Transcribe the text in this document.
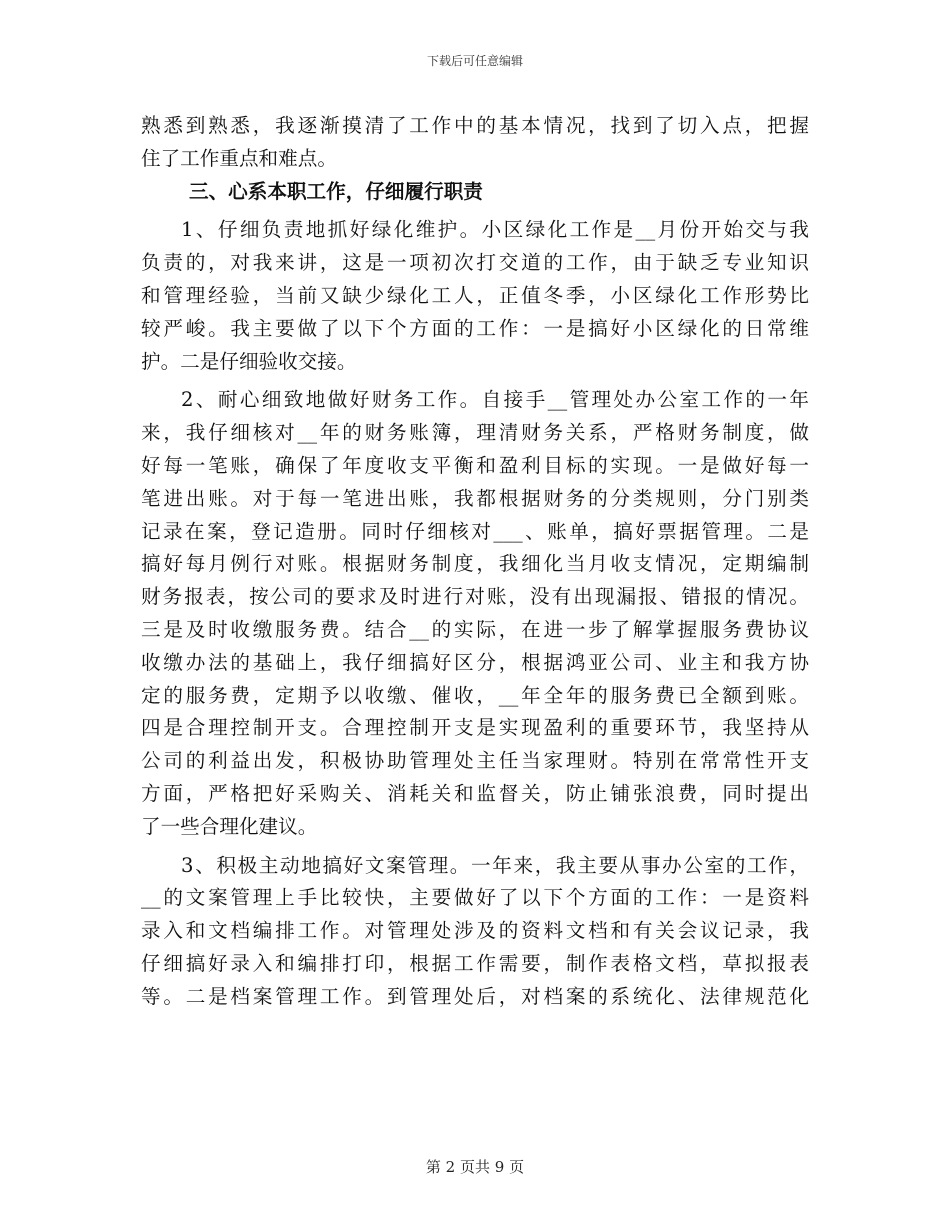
下载后可任意编辑
熟悉到熟悉，我逐渐摸清了工作中的基本情况，找到了切入点，把握
住了工作重点和难点。
三、心系本职工作，仔细履行职责
1、仔细负责地抓好绿化维护。小区绿化工作是__月份开始交与我
负责的，对我来讲，这是一项初次打交道的工作，由于缺乏专业知识
和管理经验，当前又缺少绿化工人，正值冬季，小区绿化工作形势比
较严峻。我主要做了以下个方面的工作：一是搞好小区绿化的日常维
护。二是仔细验收交接。
2、耐心细致地做好财务工作。自接手__管理处办公室工作的一年
来，我仔细核对__年的财务账簿，理清财务关系，严格财务制度，做
好每一笔账，确保了年度收支平衡和盈利目标的实现。一是做好每一
笔进出账。对于每一笔进出账，我都根据财务的分类规则，分门别类
记录在案，登记造册。同时仔细核对___、账单，搞好票据管理。二是
搞好每月例行对账。根据财务制度，我细化当月收支情况，定期编制
财务报表，按公司的要求及时进行对账，没有出现漏报、错报的情况。
三是及时收缴服务费。结合__的实际，在进一步了解掌握服务费协议
收缴办法的基础上，我仔细搞好区分，根据鸿亚公司、业主和我方协
定的服务费，定期予以收缴、催收，__年全年的服务费已全额到账。
四是合理控制开支。合理控制开支是实现盈利的重要环节，我坚持从
公司的利益出发，积极协助管理处主任当家理财。特别在常常性开支
方面，严格把好采购关、消耗关和监督关，防止铺张浪费，同时提出
了一些合理化建议。
3、积极主动地搞好文案管理。一年来，我主要从事办公室的工作，
__的文案管理上手比较快，主要做好了以下个方面的工作：一是资料
录入和文档编排工作。对管理处涉及的资料文档和有关会议记录，我
仔细搞好录入和编排打印，根据工作需要，制作表格文档，草拟报表
等。二是档案管理工作。到管理处后，对档案的系统化、法律规范化
第 2 页共 9 页
